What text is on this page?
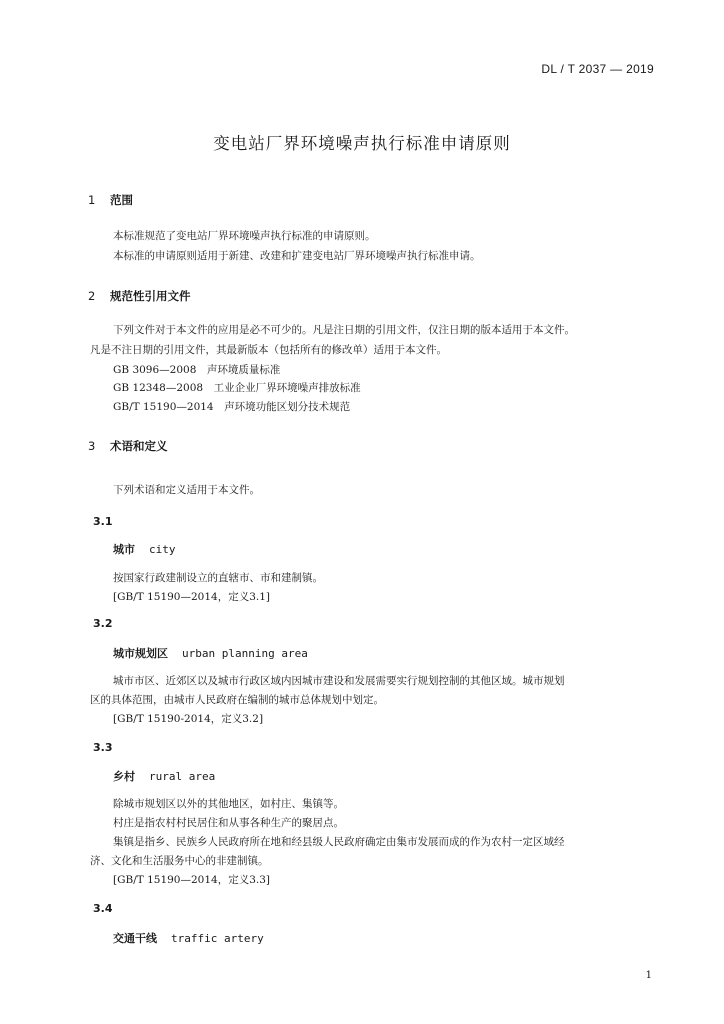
DL / T 2037 — 2019
变电站厂界环境噪声执行标准申请原则
1 范围
本标准规范了变电站厂界环境噪声执行标准的申请原则。
本标准的申请原则适用于新建、改建和扩建变电站厂界环境噪声执行标准申请。
2 规范性引用文件
下列文件对于本文件的应用是必不可少的。凡是注日期的引用文件，仅注日期的版本适用于本文件。
凡是不注日期的引用文件，其最新版本（包括所有的修改单）适用于本文件。
GB 3096—2008　声环境质量标准
GB 12348—2008　工业企业厂界环境噪声排放标准
GB/T 15190—2014　声环境功能区划分技术规范
3 术语和定义
下列术语和定义适用于本文件。
3.1
城市 city
按国家行政建制设立的直辖市、市和建制镇。
[GB/T 15190—2014，定义3.1]
3.2
城市规划区 urban planning area
城市市区、近郊区以及城市行政区域内因城市建设和发展需要实行规划控制的其他区域。城市规划
区的具体范围，由城市人民政府在编制的城市总体规划中划定。
[GB/T 15190-2014，定义3.2]
3.3
乡村 rural area
除城市规划区以外的其他地区，如村庄、集镇等。
村庄是指农村村民居住和从事各种生产的聚居点。
集镇是指乡、民族乡人民政府所在地和经县级人民政府确定由集市发展而成的作为农村一定区域经
济、文化和生活服务中心的非建制镇。
[GB/T 15190—2014，定义3.3]
3.4
交通干线 traffic artery
1
